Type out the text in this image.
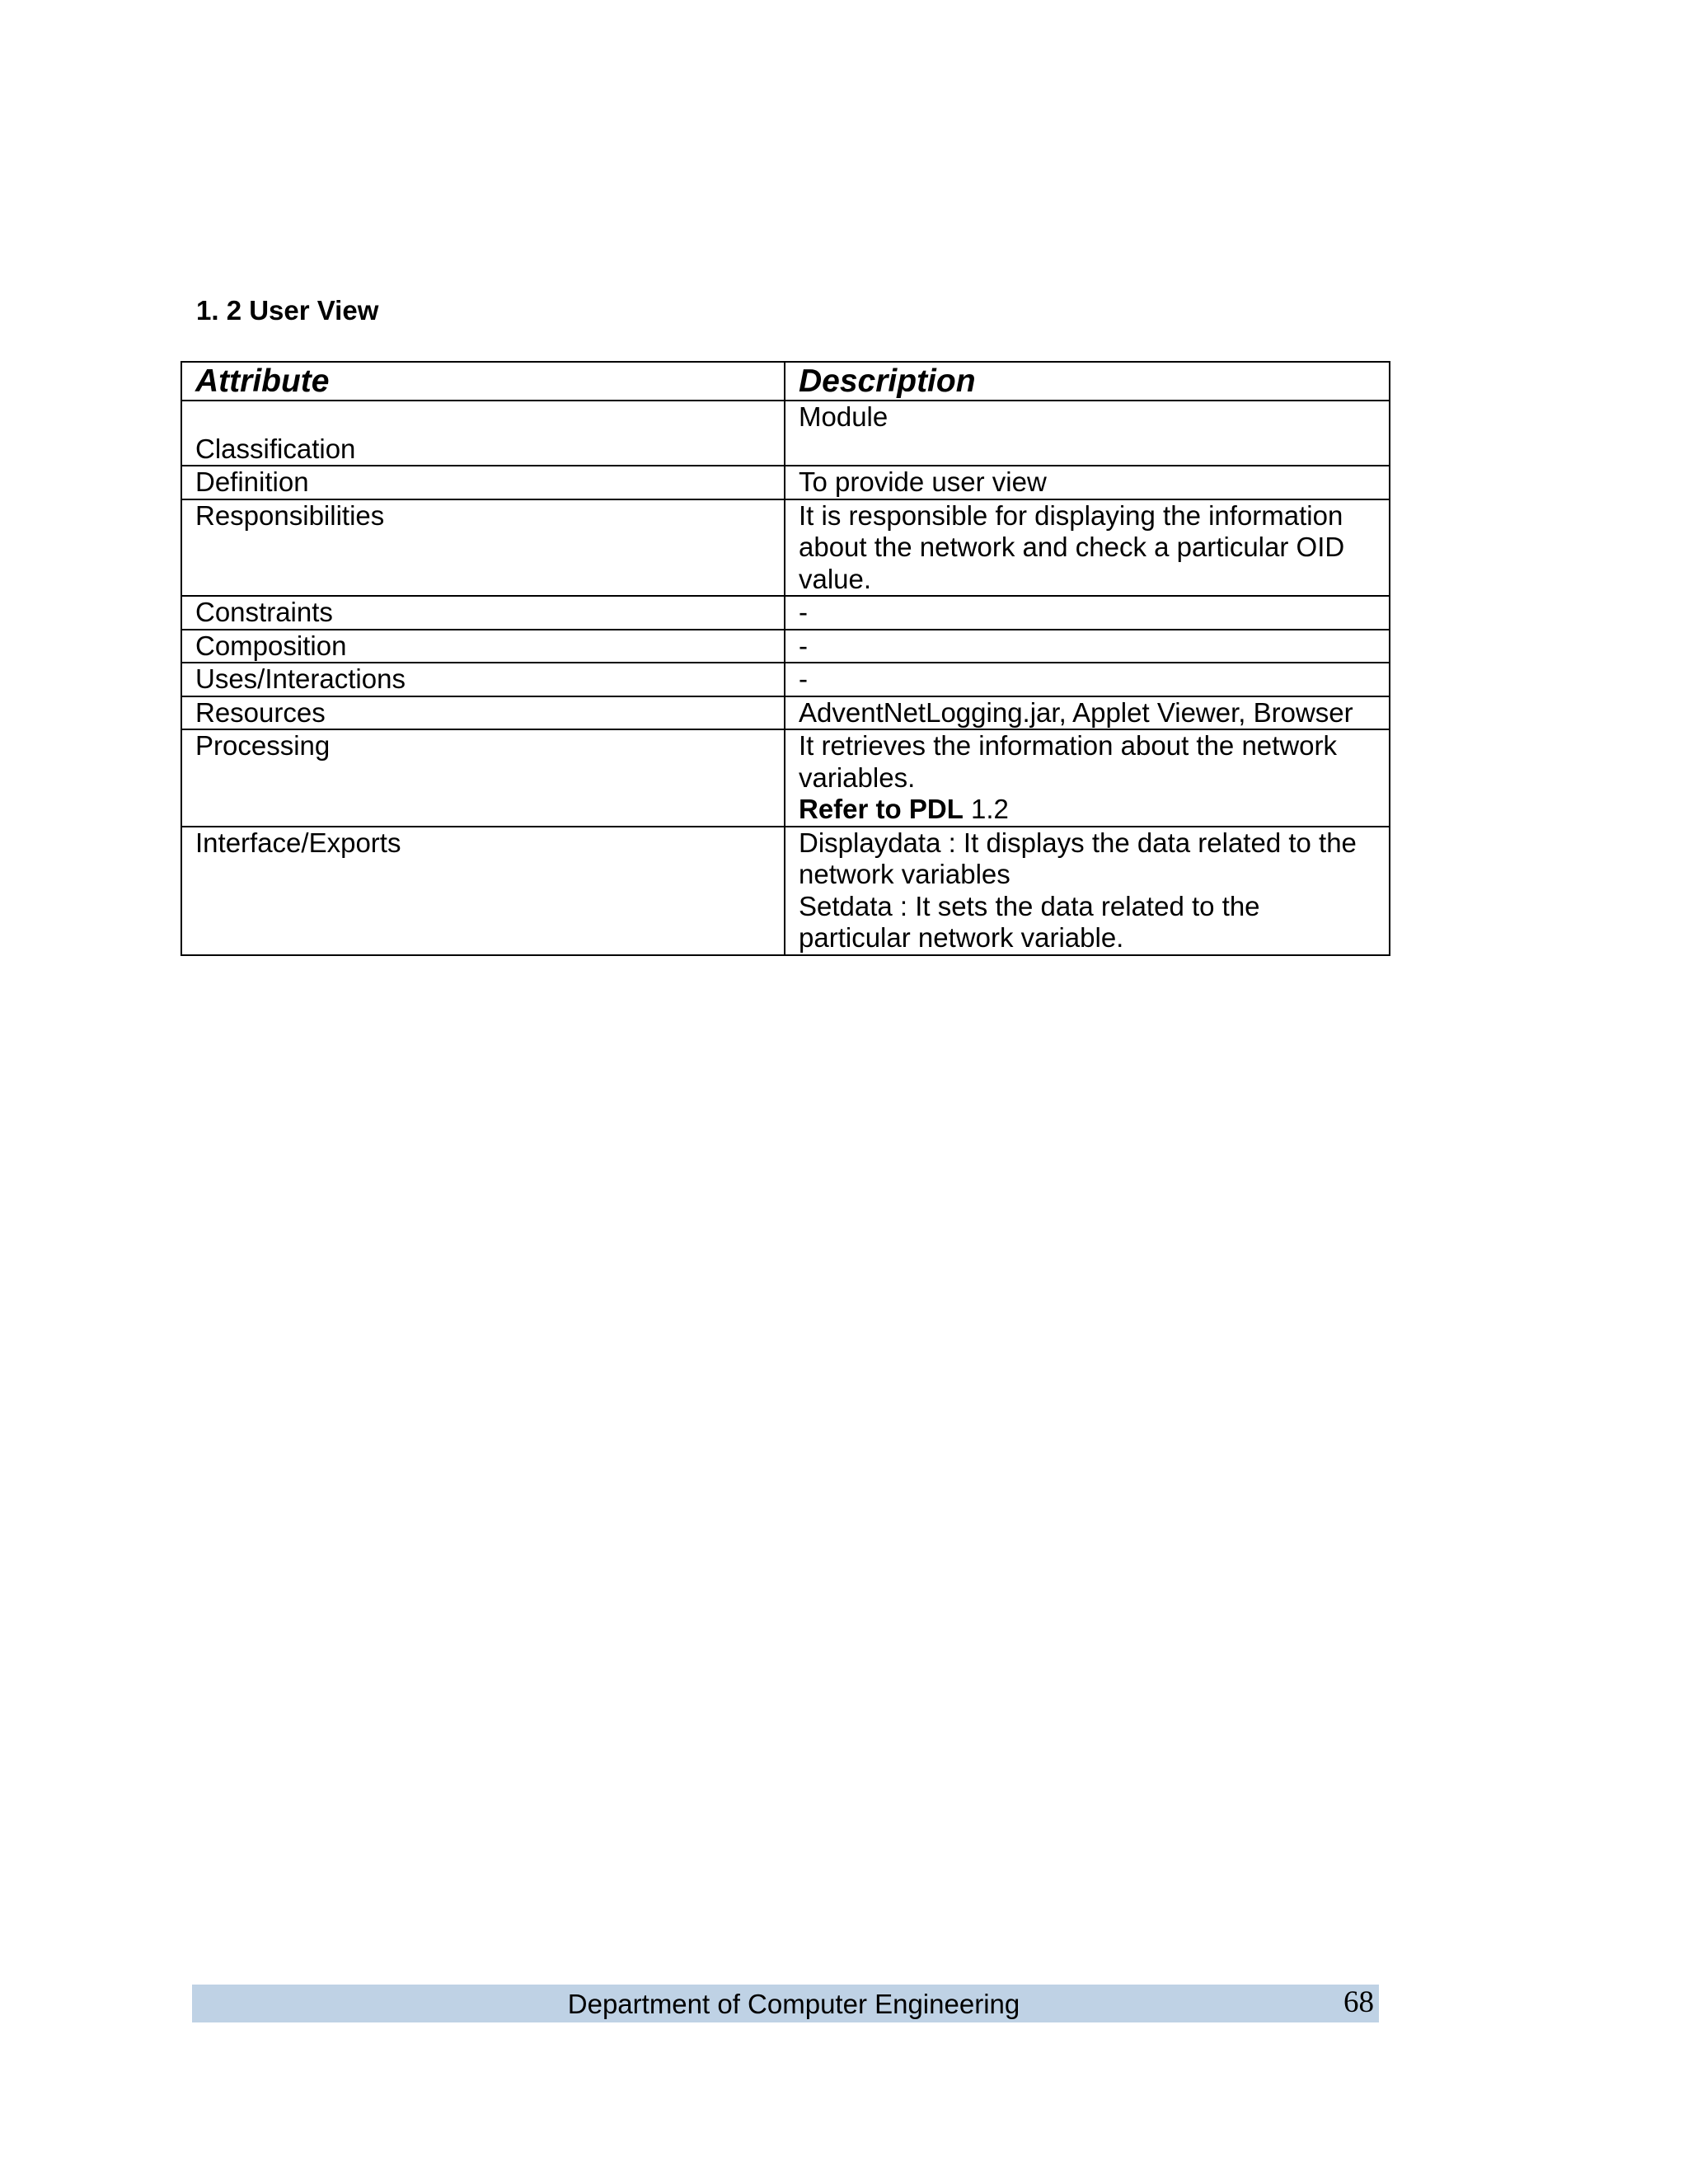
1. 2 User View
Attribute	Description
Classification	Module
Definition	To provide user view
Responsibilities	It is responsible for displaying the information about the network and check a particular OID value.
Constraints	-
Composition	-
Uses/Interactions	-
Resources	AdventNetLogging.jar, Applet Viewer, Browser
Processing	It retrieves the information about the network variables.
Refer to PDL 1.2

Interface/Exports	Displaydata : It displays the data related to the network variables
Setdata : It sets the data related to the particular network variable.
Department of Computer Engineering	68
